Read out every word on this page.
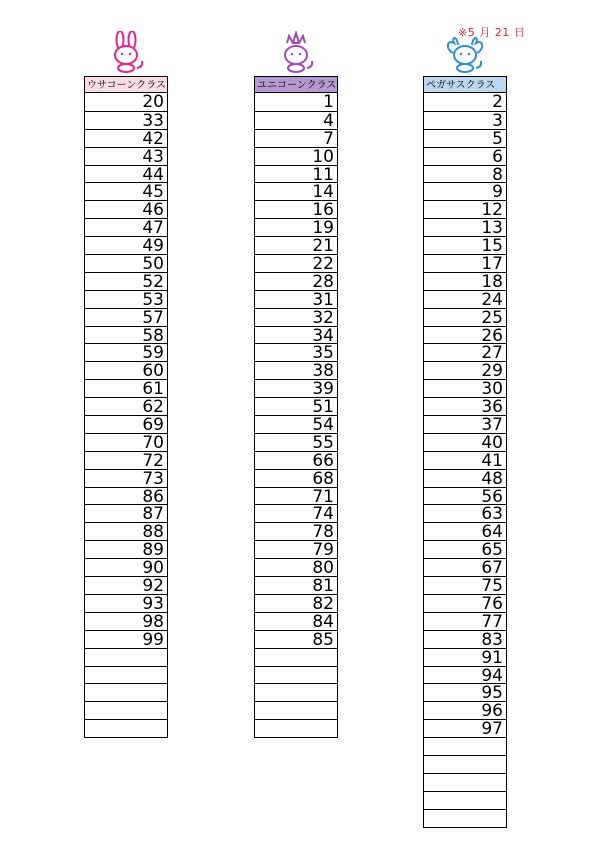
※5 月 21 日
ウサコーンクラス
20
33
42
43
44
45
46
47
49
50
52
53
57
58
59
60
61
62
69
70
72
73
86
87
88
89
90
92
93
98
99
ユニコーンクラス
1
4
7
10
11
14
16
19
21
22
28
31
32
34
35
38
39
51
54
55
66
68
71
74
78
79
80
81
82
84
85
ペガサスクラス
2
3
5
6
8
9
12
13
15
17
18
24
25
26
27
29
30
36
37
40
41
48
56
63
64
65
67
75
76
77
83
91
94
95
96
97
